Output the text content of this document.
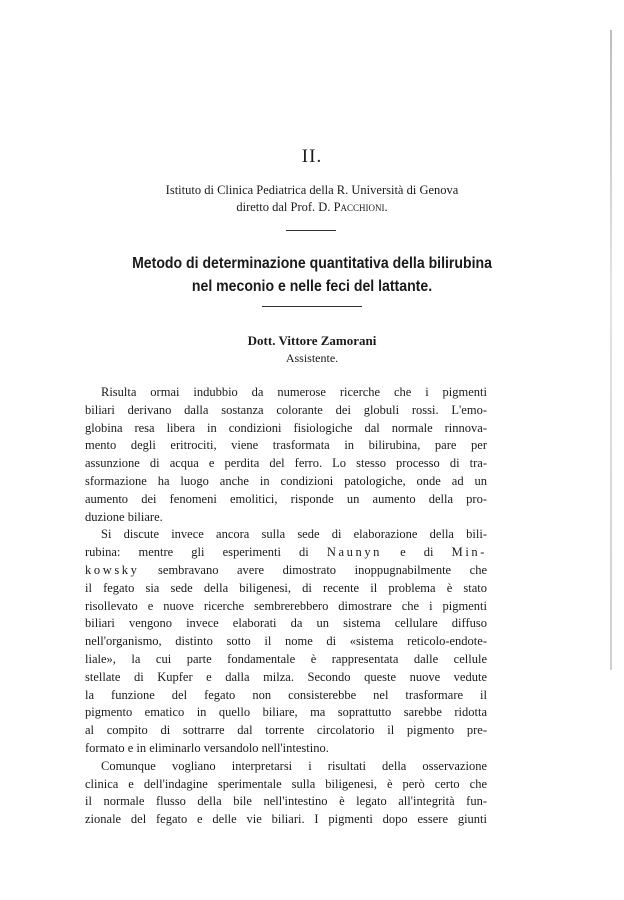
II.
Istituto di Clinica Pediatrica della R. Università di Genova
diretto dal Prof. D. Pacchioni.
Metodo di determinazione quantitativa della bilirubina
nel meconio e nelle feci del lattante.
Dott. Vittore Zamorani
Assistente.

Risulta ormai indubbio da numerose ricerche che i pigmenti
biliari derivano dalla sostanza colorante dei globuli rossi. L'emo-
globina resa libera in condizioni fisiologiche dal normale rinnova-
mento degli eritrociti, viene trasformata in bilirubina, pare per
assunzione di acqua e perdita del ferro. Lo stesso processo di tra-
sformazione ha luogo anche in condizioni patologiche, onde ad un
aumento dei fenomeni emolitici, risponde un aumento della pro-
duzione biliare.

Si discute invece ancora sulla sede di elaborazione della bili-
rubina: mentre gli esperimenti di Naunyn e di Min-
kowsky sembravano avere dimostrato inoppugnabilmente che
il fegato sia sede della biligenesi, di recente il problema è stato
risollevato e nuove ricerche sembrerebbero dimostrare che i pigmenti
biliari vengono invece elaborati da un sistema cellulare diffuso
nell'organismo, distinto sotto il nome di «sistema reticolo-endote-
liale», la cui parte fondamentale è rappresentata dalle cellule
stellate di Kupfer e dalla milza. Secondo queste nuove vedute
la funzione del fegato non consisterebbe nel trasformare il
pigmento ematico in quello biliare, ma soprattutto sarebbe ridotta
al compito di sottrarre dal torrente circolatorio il pigmento pre-
formato e in eliminarlo versandolo nell'intestino.

Comunque vogliano interpretarsi i risultati della osservazione
clinica e dell'indagine sperimentale sulla biligenesi, è però certo che
il normale flusso della bile nell'intestino è legato all'integrità fun-
zionale del fegato e delle vie biliari. I pigmenti dopo essere giunti
